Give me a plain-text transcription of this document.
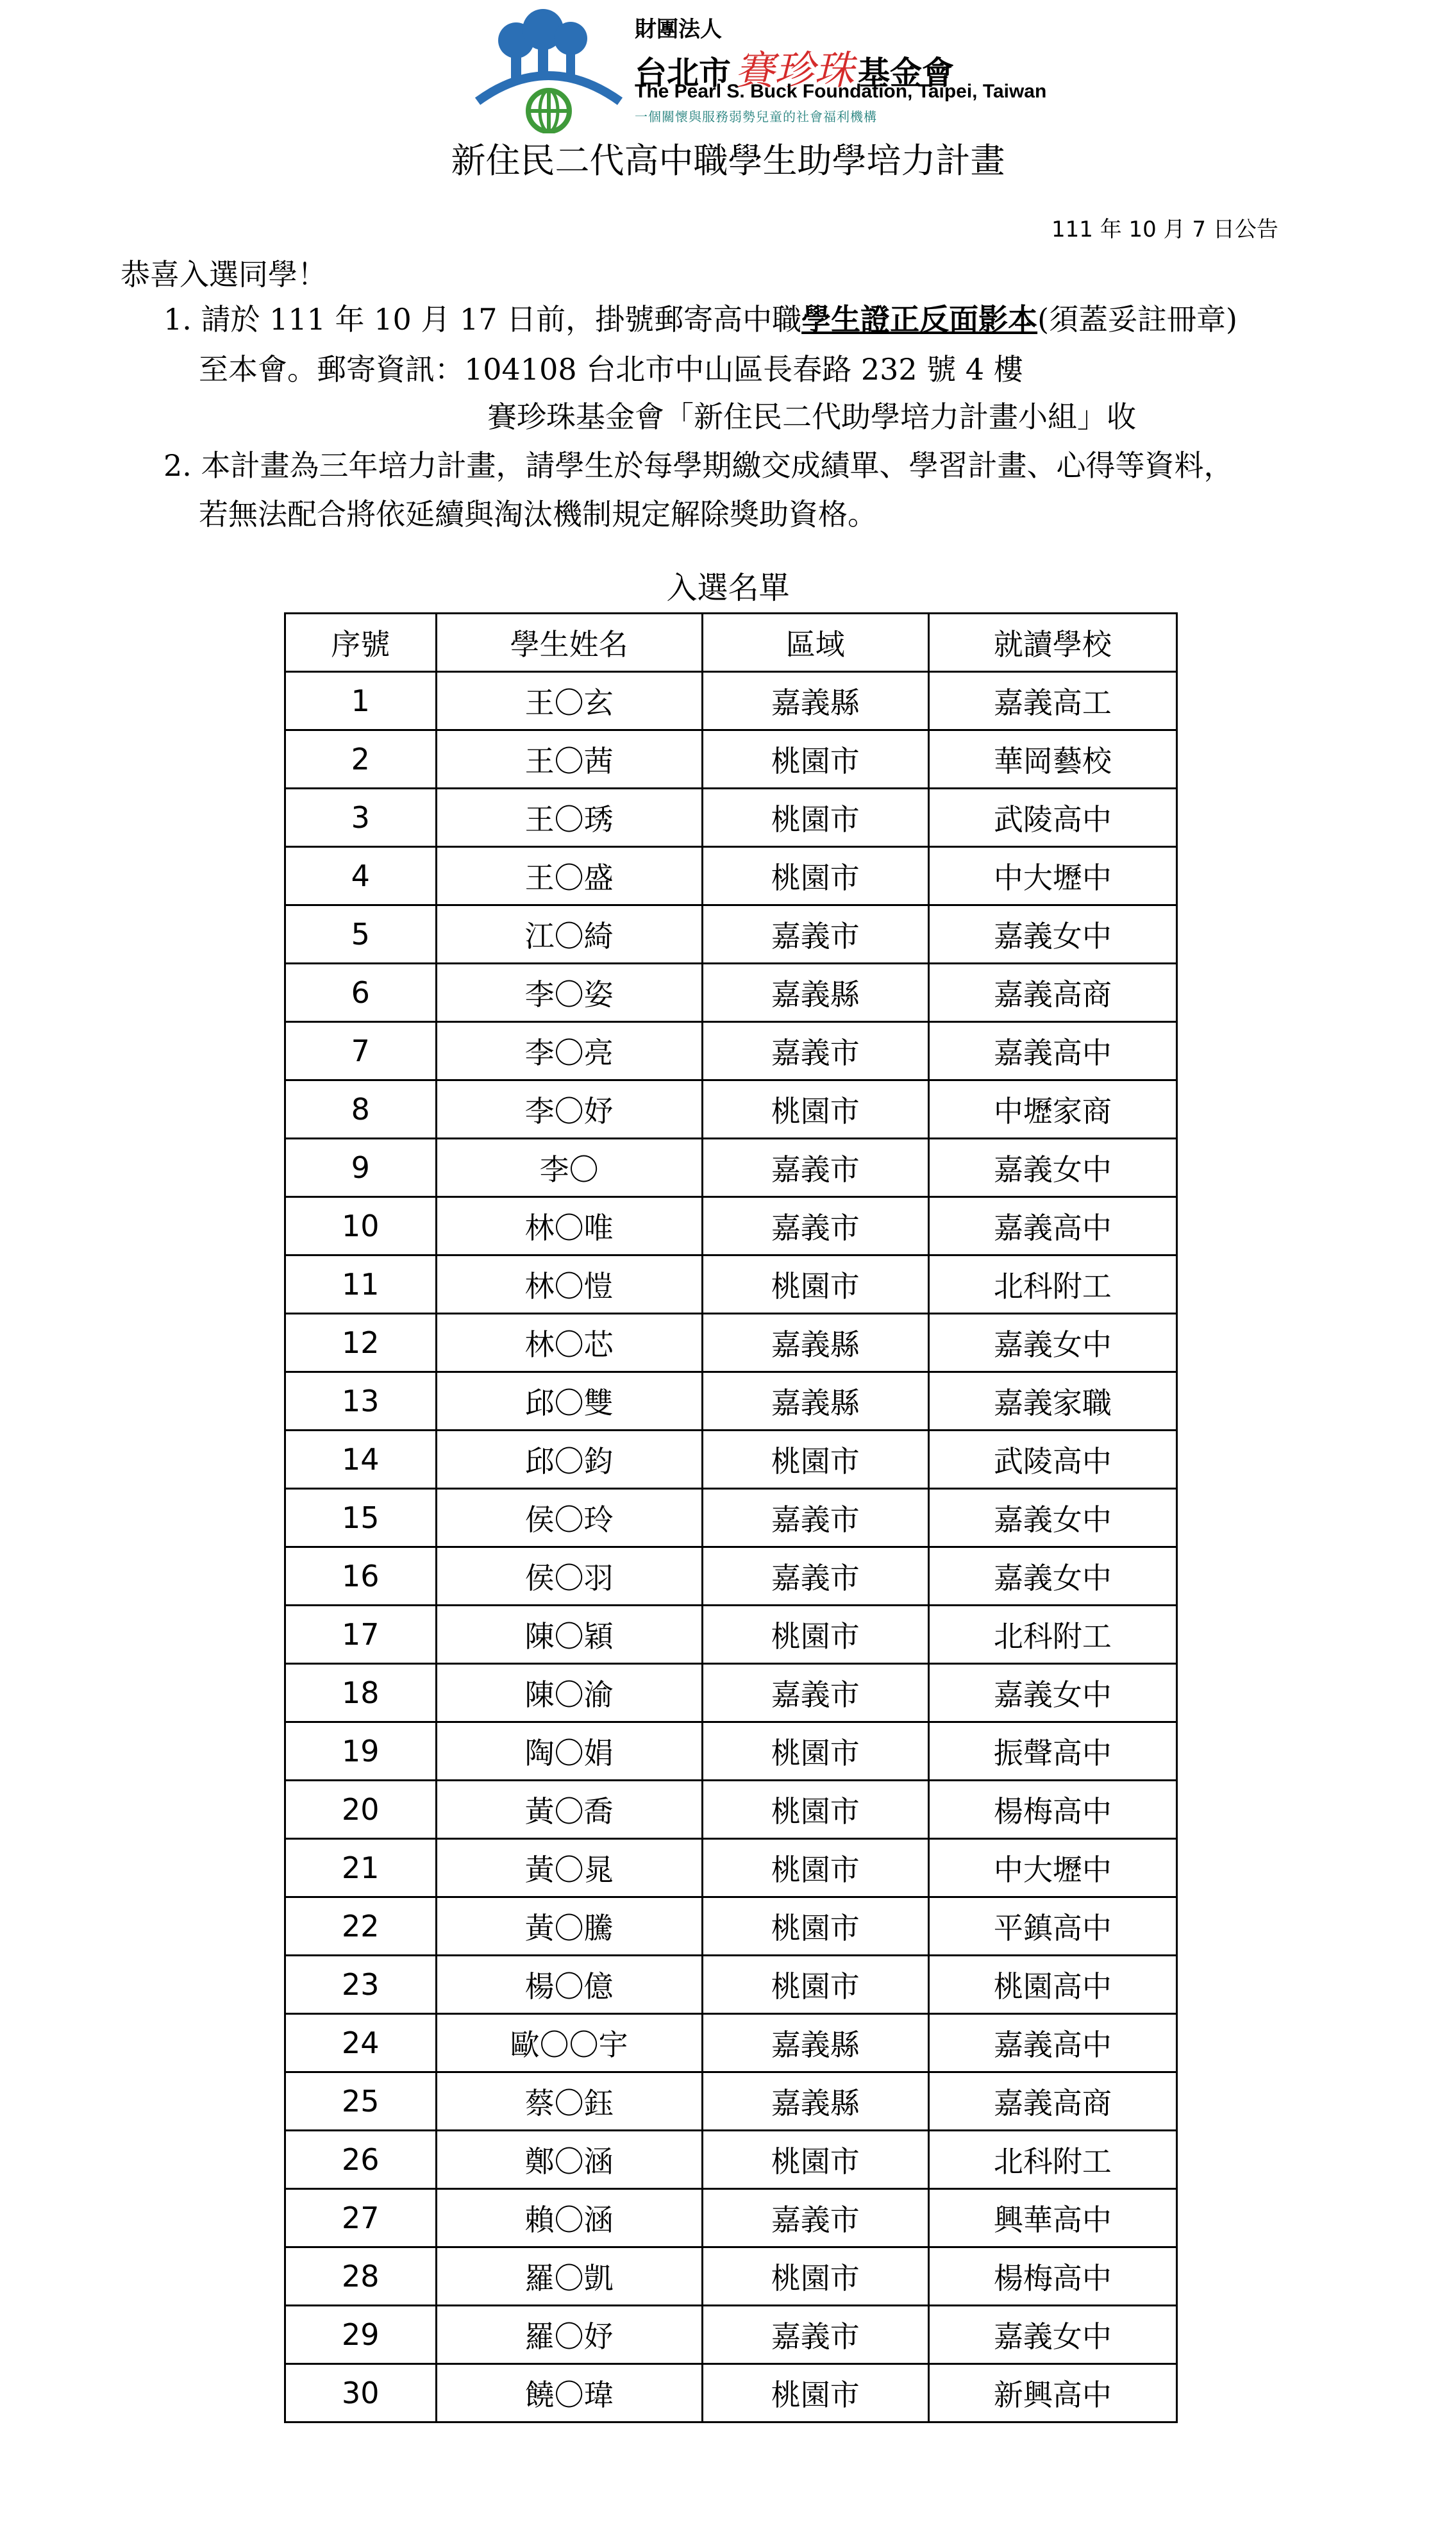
財團法人
台北市賽珍珠 基金會
The Pearl S. Buck Foundation, Taipei, Taiwan
一個關懷與服務弱勢兒童的社會福利機構
新住民二代高中職學生助學培力計畫
111 年 10 月 7 日公告
恭喜入選同學！
1. 請於 111 年 10 月 17 日前，掛號郵寄高中職學生證正反面影本(須蓋妥註冊章)
至本會。郵寄資訊：104108 台北市中山區長春路 232 號 4 樓
賽珍珠基金會「新住民二代助學培力計畫小組」收
2. 本計畫為三年培力計畫，請學生於每學期繳交成績單、學習計畫、心得等資料，
若無法配合將依延續與淘汰機制規定解除獎助資格。
入選名單
序號	學生姓名	區域	就讀學校
1	王〇玄	嘉義縣	嘉義高工
2	王〇茜	桃園市	華岡藝校
3	王〇琇	桃園市	武陵高中
4	王〇盛	桃園市	中大壢中
5	江〇綺	嘉義市	嘉義女中
6	李〇姿	嘉義縣	嘉義高商
7	李〇亮	嘉義市	嘉義高中
8	李〇妤	桃園市	中壢家商
9	李〇	嘉義市	嘉義女中
10	林〇唯	嘉義市	嘉義高中
11	林〇愷	桃園市	北科附工
12	林〇芯	嘉義縣	嘉義女中
13	邱〇雙	嘉義縣	嘉義家職
14	邱〇鈞	桃園市	武陵高中
15	侯〇玲	嘉義市	嘉義女中
16	侯〇羽	嘉義市	嘉義女中
17	陳〇穎	桃園市	北科附工
18	陳〇渝	嘉義市	嘉義女中
19	陶〇娟	桃園市	振聲高中
20	黃〇喬	桃園市	楊梅高中
21	黃〇晁	桃園市	中大壢中
22	黃〇騰	桃園市	平鎮高中
23	楊〇億	桃園市	桃園高中
24	歐〇〇宇	嘉義縣	嘉義高中
25	蔡〇鈺	嘉義縣	嘉義高商
26	鄭〇涵	桃園市	北科附工
27	賴〇涵	嘉義市	興華高中
28	羅〇凱	桃園市	楊梅高中
29	羅〇妤	嘉義市	嘉義女中
30	饒〇瑋	桃園市	新興高中
